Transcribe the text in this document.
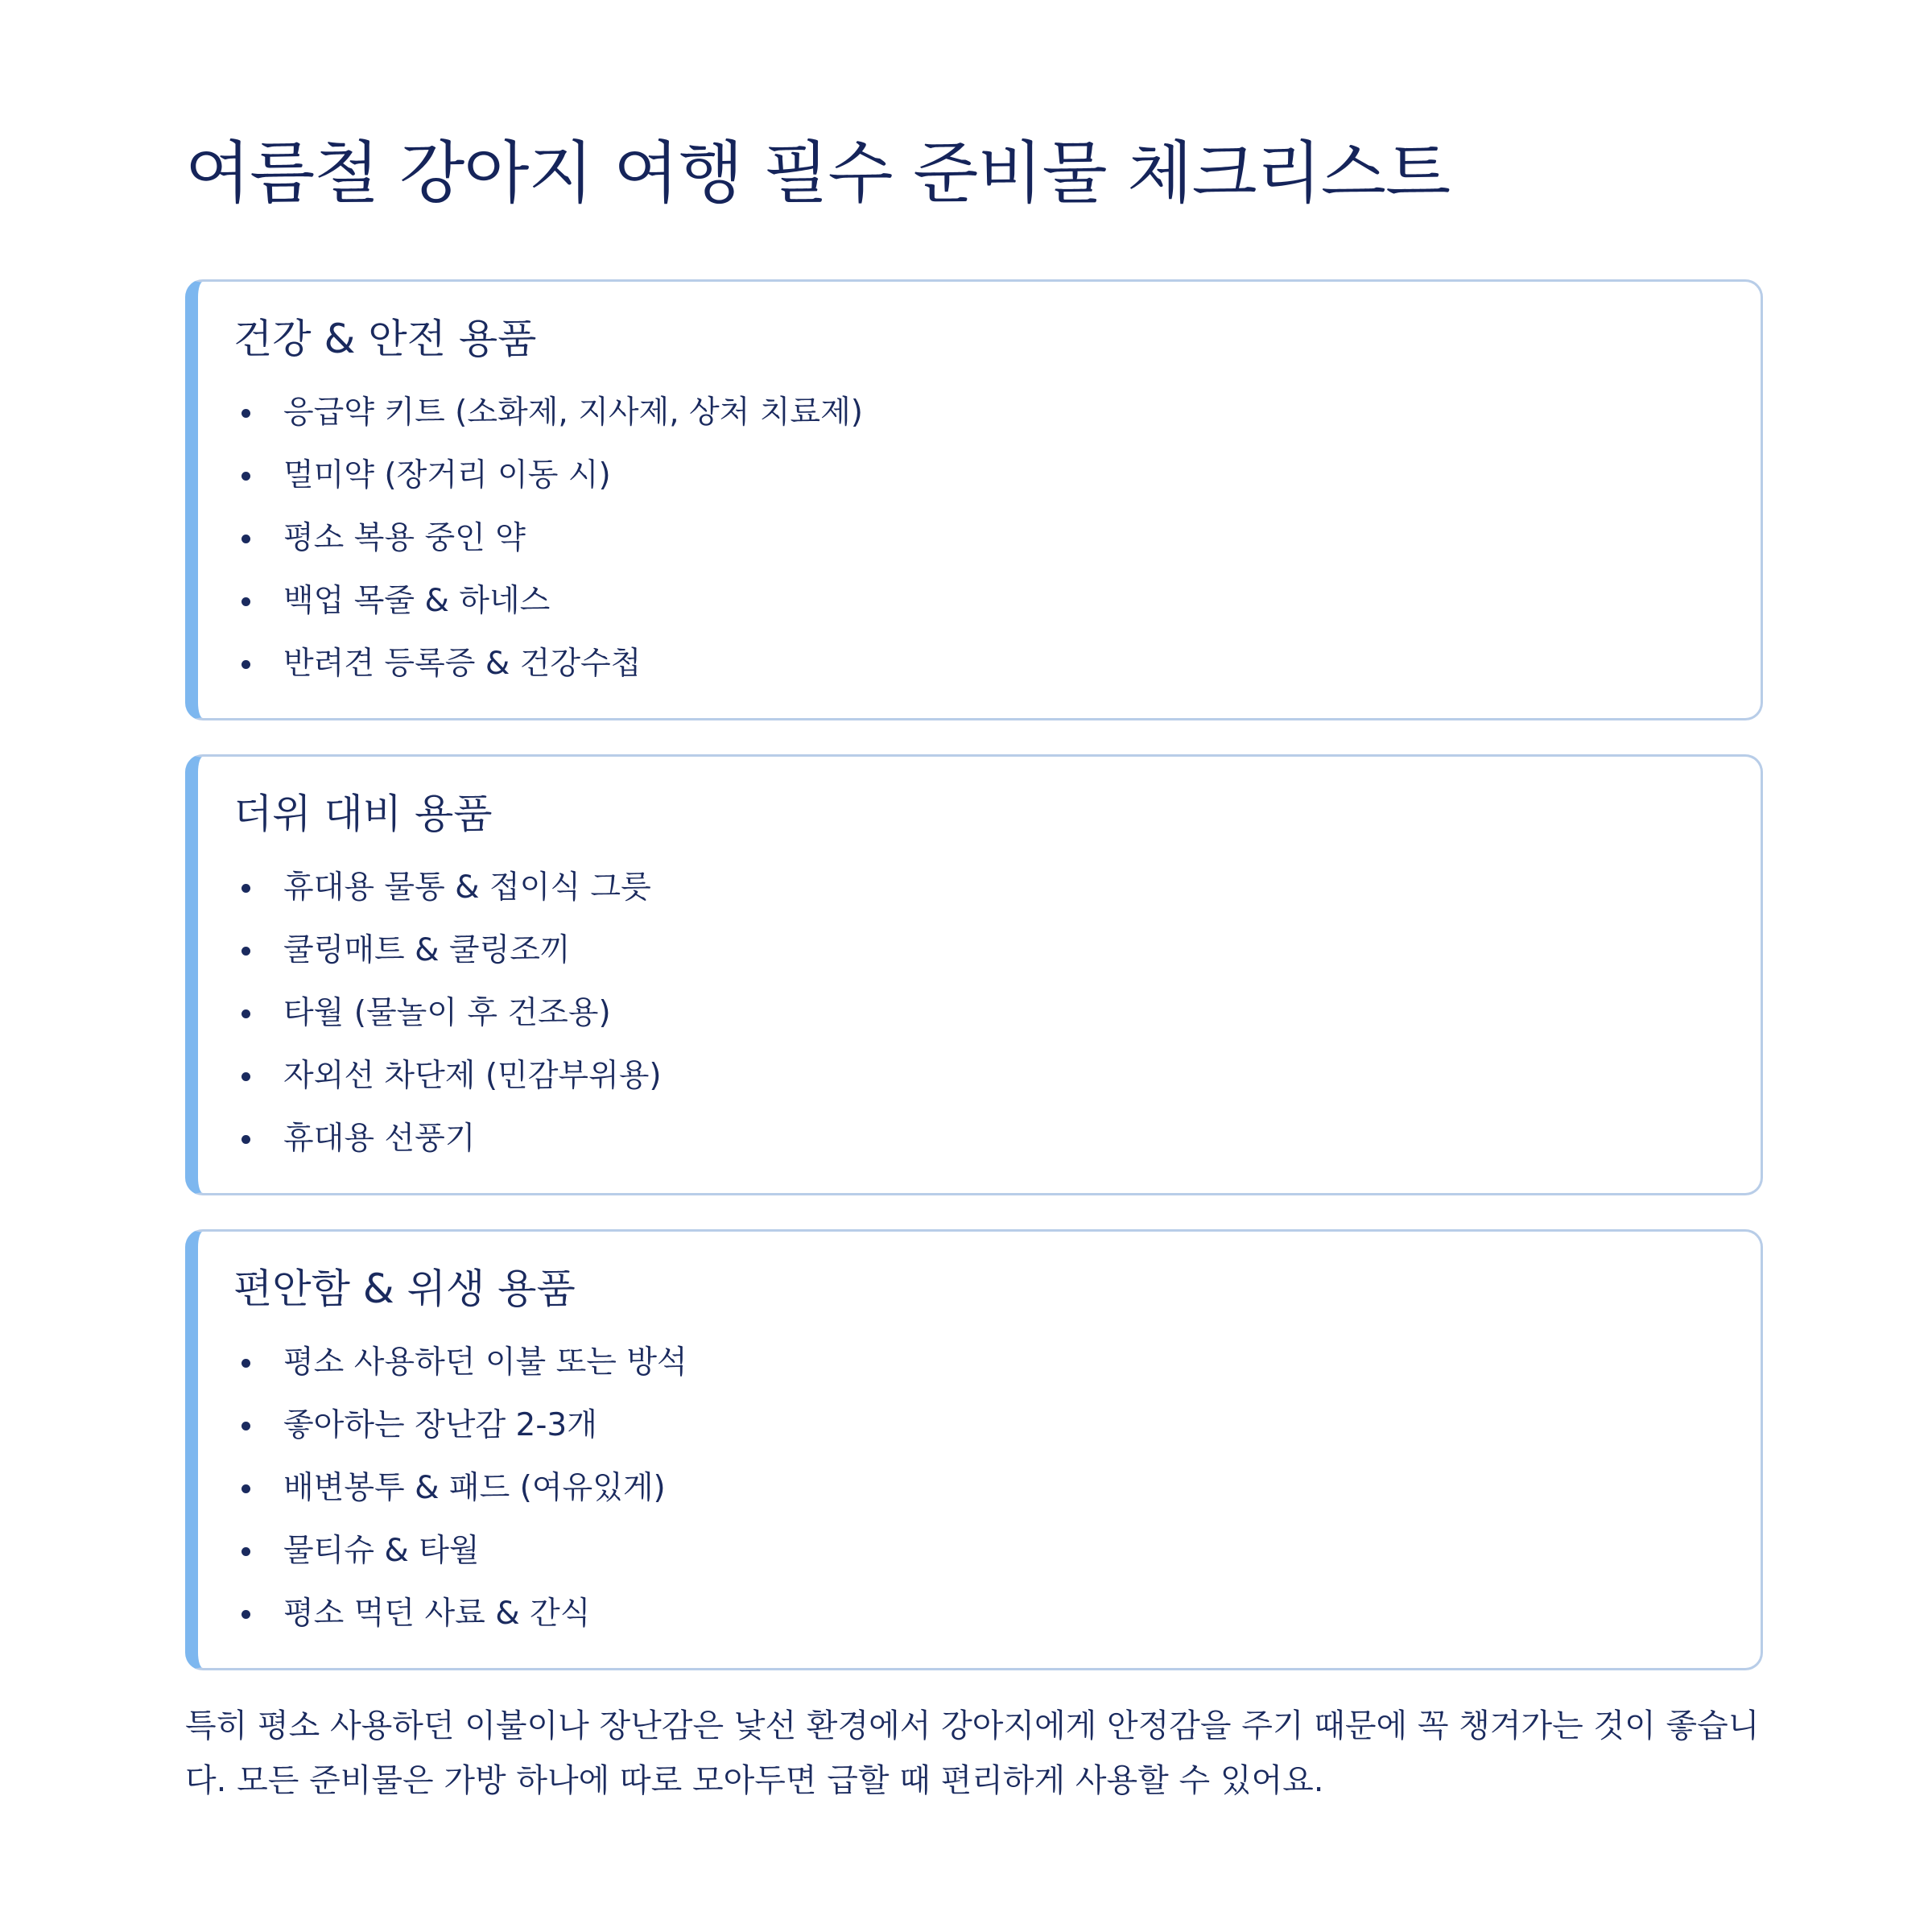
여름철 강아지 여행 필수 준비물 체크리스트
건강 & 안전 용품
응급약 키트 (소화제, 지사제, 상처 치료제)
멀미약 (장거리 이동 시)
평소 복용 중인 약
백업 목줄 & 하네스
반려견 등록증 & 건강수첩
더위 대비 용품
휴대용 물통 & 접이식 그릇
쿨링매트 & 쿨링조끼
타월 (물놀이 후 건조용)
자외선 차단제 (민감부위용)
휴대용 선풍기
편안함 & 위생 용품
평소 사용하던 이불 또는 방석
좋아하는 장난감 2-3개
배변봉투 & 패드 (여유있게)
물티슈 & 타월
평소 먹던 사료 & 간식

특히 평소 사용하던 이불이나 장난감은 낯선 환경에서 강아지에게 안정감을 주기 때문에 꼭 챙겨가는 것이 좋습니다. 모든 준비물은 가방 하나에 따로 모아두면 급할 때 편리하게 사용할 수 있어요.
